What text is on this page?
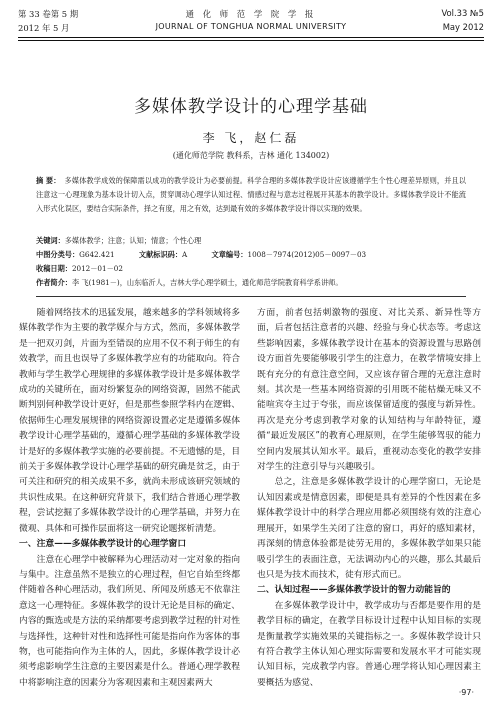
第 33 卷第 5 期
2012 年 5 月
通 化 师 范 学 院 学 报
JOURNAL OF TONGHUA NORMAL UNIVERSITY
Vol.33 №5
May 2012
多媒体教学设计的心理学基础
李 飞，赵仁磊
(通化师范学院 教科系，吉林 通化 134002)
摘 要： 多媒体教学成效的保障需以成功的教学设计为必要前提。科学合理的多媒体教学设计应该遵循学生个性心理差异原则，并且以注意这一心理现象为基本设计切入点，贯穿调动心理学认知过程、情感过程与意志过程展开其基本的教学设计。多媒体教学设计不能流入形式化误区，要结合实际条件，择之有度，用之有效，达到最有效的多媒体教学设计得以实现的效果。
关键词：多媒体教学；注意；认知；情意；个性心理
中图分类号：G642.421	文献标识码：A	文章编号：1008－7974(2012)05－0097－03
收稿日期：2012－01－02
作者简介：李 飞(1981－)，山东临沂人，吉林大学心理学硕士，通化师范学院教育科学系讲师。

随着网络技术的迅猛发展，越来越多的学科领域将多媒体教学作为主要的教学媒介与方式，然而，多媒体教学是一把双刃剑，片面为至错误的应用不仅不利于师生的有效教学，而且也误导了多媒体教学应有的功能取向。符合教师与学生教学心理规律的多媒体教学设计是多媒体教学成功的关键所在，面对纷繁复杂的网络资源，固然不能武断判别何种教学设计更好，但是那些参照学科内在逻辑、依据师生心理发展规律的网络资源设置必定是遵循多媒体教学设计心理学基础的，遵循心理学基础的多媒体教学设计是好的多媒体教学实施的必要前提。不无遗憾的是，目前关于多媒体教学设计心理学基础的研究确是贫乏，由于可关注和研究的相关成果不多，就尚未形成该研究领域的共识性成果。在这种研究背景下，我们结合普通心理学教程，尝试挖掘了多媒体教学设计的心理学基础，并努力在微观、具体和可操作层面将这一研究论题探析清楚。

一、注意——多媒体教学设计的心理学窗口

注意在心理学中被解释为心理活动对一定对象的指向与集中。注意虽然不是独立的心理过程，但它自始至终都伴随着各种心理活动，我们所见、所闻及所感无不依靠注意这一心理特征。多媒体教学的设计无论是目标的确定、内容的甄选或是方法的采纳都要考虑到教学过程的针对性与选择性，这种针对性和选择性可能是指向作为客体的事物，也可能指向作为主体的人，因此，多媒体教学设计必须考虑影响学生注意的主要因素是什么。普通心理学教程中将影响注意的因素分为客观因素和主观因素两大

方面，前者包括刺激物的强度、对比关系、新异性等方面，后者包括注意者的兴趣、经验与身心状态等。考虑这些影响因素，多媒体教学设计在基本的资源设置与思路创设方面首先要能够吸引学生的注意力，在教学情境安排上既有充分的有意注意空间，又应该存留合理的无意注意时刻。其次是一些基本网络资源的引用既不能枯燥无味又不能喧宾夺主过于夸张，而应该保留适度的强度与新异性。再次是充分考虑到教学对象的认知结构与年龄特征，遵循“最近发展区”的教育心理原则，在学生能够驾驭的能力空间内发展其认知水平。最后，重视动态变化的教学安排对学生的注意引导与兴趣吸引。

总之，注意是多媒体教学设计的心理学窗口，无论是认知因素或是情意因素，即便是具有差异的个性因素在多媒体教学设计中的科学合理应用都必须围绕有效的注意心理展开，如果学生关闭了注意的窗口，再好的感知素材，再深刻的情意体验都是徒劳无用的，多媒体教学如果只能吸引学生的表面注意，无法调动内心的兴趣，那么其最后也只是为技术而技术，徒有形式而已。

二、认知过程——多媒体教学设计的智力动能旨的

在多媒体教学设计中，教学成功与否都是要作用的是教学目标的确定，在教学目标设计过程中认知目标的实现是衡量教学实施效果的关键指标之一。多媒体教学设计只有符合教学主体认知心理实际需要和发展水平才可能实现认知目标，完成教学内容。普通心理学将认知心理因素主要概括为感觉、

·97·
